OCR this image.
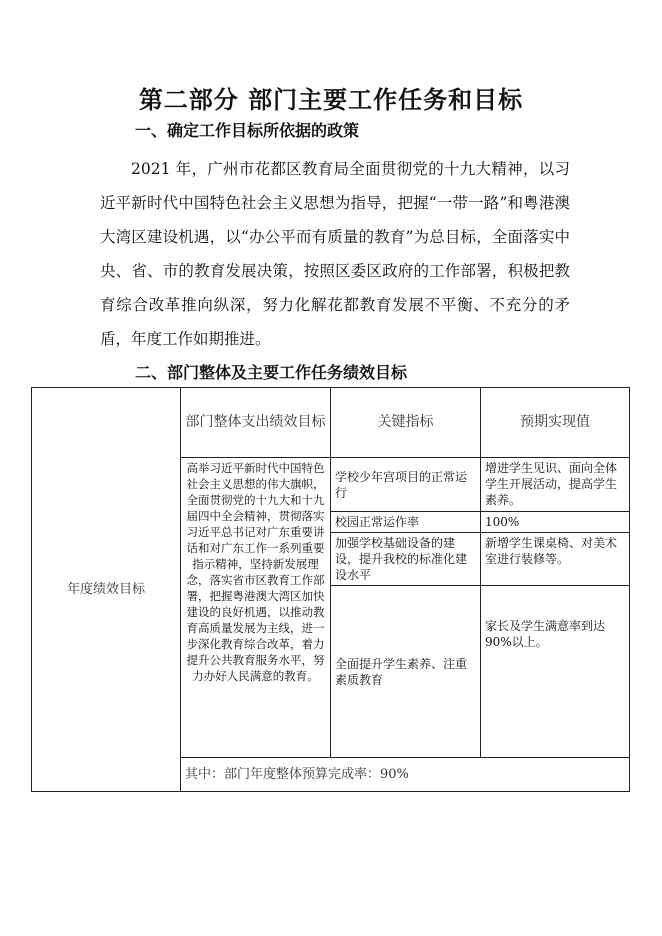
第二部分 部门主要工作任务和目标
一、确定工作目标所依据的政策

2021 年，广州市花都区教育局全面贯彻党的十九大精神，以习近平新时代中国特色社会主义思想为指导，把握“一带一路”和粤港澳大湾区建设机遇，以“办公平而有质量的教育”为总目标，全面落实中央、省、市的教育发展决策，按照区委区政府的工作部署，积极把教育综合改革推向纵深，努力化解花都教育发展不平衡、不充分的矛盾，年度工作如期推进。

二、部门整体及主要工作任务绩效目标
年度绩效目标	部门整体支出绩效目标	关键指标	预期实现值
	高举习近平新时代中国特色社会主义思想的伟大旗帜，全面贯彻党的十九大和十九届四中全会精神，贯彻落实习近平总书记对广东重要讲话和对广东工作一系列重要指示精神，坚持新发展理念，落实省市区教育工作部署，把握粤港澳大湾区加快建设的良好机遇，以推动教育高质量发展为主线，进一步深化教育综合改革，着力提升公共教育服务水平，努力办好人民满意的教育。	学校少年宫项目的正常运行	增进学生见识、面向全体学生开展活动，提高学生素养。
		校园正常运作率	100%
		加强学校基础设备的建设，提升我校的标准化建设水平	新增学生课桌椅、对美术室进行装修等。
		全面提升学生素养、注重素质教育	家长及学生满意率到达90%以上。
	其中：部门年度整体预算完成率：90%		
